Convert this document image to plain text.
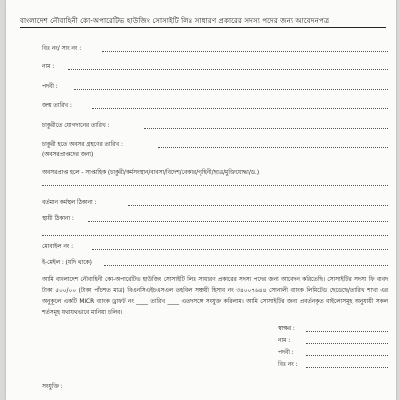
বাংলাদেশ নৌবাহিনী কো-অপারেটিভ হাউজিং সোসাইটি লিঃ সাধারণ প্রকারের সদস্য পদের জন্য আবেদনপত্র
বিঃ নং/ সাং নং :
নাম :
পদবী :
জন্ম তারিখ :
চাকুরীতে যোগদানের তারিখ :
চাকুরী হতে অবসর গ্রহণের তারিখ :
(অবসরপ্রাপ্তদের জন্য)
অবসরপ্রাপ্ত হলে - সাপ্তাহিক (চাকুরী/কর্মসংস্থান/ব্যবসা/বিদেশ/বেকার/গৃহিনী/ছাত্র/মুক্তিযোদ্ধা/ড.)
বর্তমান কর্মস্থল ঠিকানা :
স্থায়ী ঠিকানা :
মোবাইল নং :
ই-মেইল : (যদি থাকে)
আমি বাংলাদেশ নৌবাহিনী কো-অপারেটিভ হাউজিং সোসাইটি লিঃ সাধারণ প্রকারের সদস্য পদের জন্য আবেদন করিতেছি। সোসাইটির সদস্য ফি বাবদ টাকা ৫০০/০০ (টাকা পাঁচশত মাত্র) বিএনসিএইচএসএল তহবিল সঞ্চয়ী হিসাব নং ৩৪০০৭৬৪৪ সোনালী ব্যাংক লিমিটেড ছেডেছে/তারিখ শাখা এর অনুকূলে একটি MICR ব্যাংক ড্রাফট নং ____ তারিখ ____ এতদসঙ্গে সংযুক্ত করিলাম। আমি সোসাইটির জন্য প্রবর্তনকৃত বাইলোসমূহ অনুযায়ী সকল শর্তসমূহ যথাযথভাবে মানিয়া চলিব।
স্বাক্ষর :
নাম :
পদবী :
বিঃ নং :
সংযুক্তি :
